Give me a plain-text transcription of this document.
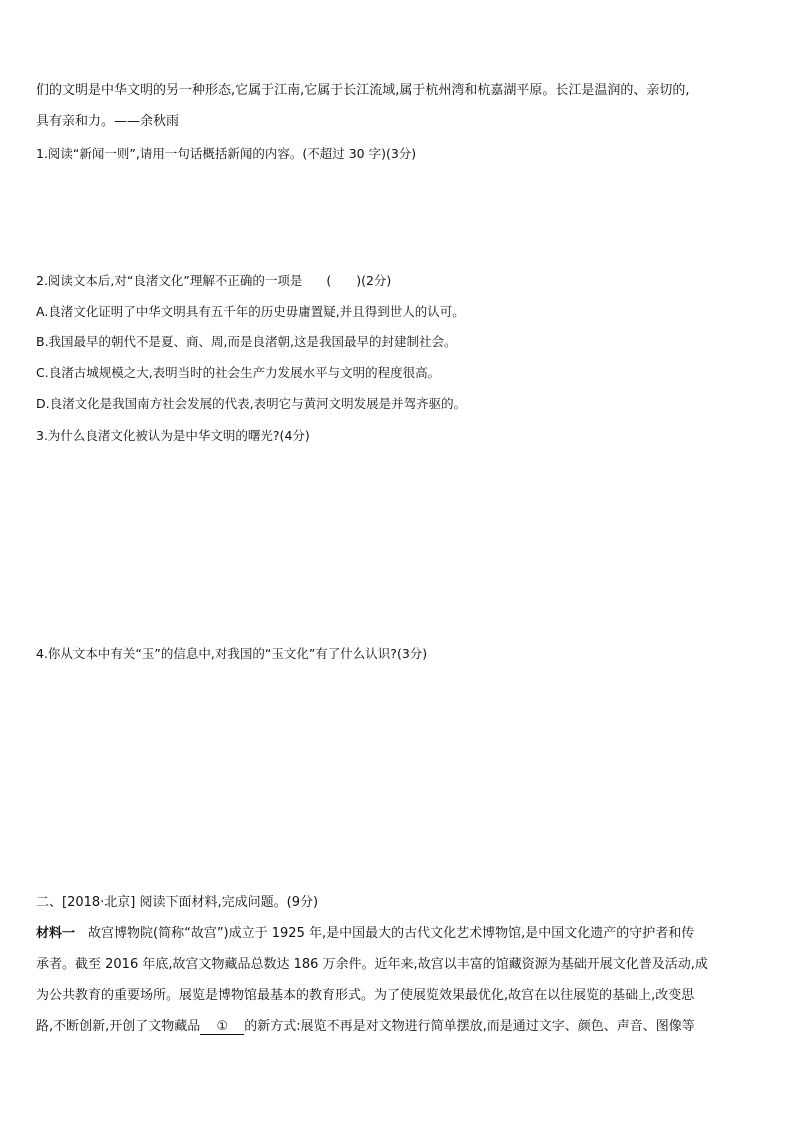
们的文明是中华文明的另一种形态,它属于江南,它属于长江流域,属于杭州湾和杭嘉湖平原。长江是温润的、亲切的,
具有亲和力。——余秋雨
1.阅读“新闻一则”,请用一句话概括新闻的内容。(不超过 30 字)(3分)
2.阅读文本后,对“良渚文化”理解不正确的一项是 (　　)(2分)
A.良渚文化证明了中华文明具有五千年的历史毋庸置疑,并且得到世人的认可。
B.我国最早的朝代不是夏、商、周,而是良渚朝,这是我国最早的封建制社会。
C.良渚古城规模之大,表明当时的社会生产力发展水平与文明的程度很高。
D.良渚文化是我国南方社会发展的代表,表明它与黄河文明发展是并驾齐驱的。
3.为什么良渚文化被认为是中华文明的曙光?(4分)
4.你从文本中有关“玉”的信息中,对我国的“玉文化”有了什么认识?(3分)
二、[2018·北京] 阅读下面材料,完成问题。(9分)
材料一　故宫博物院(简称“故宫”)成立于 1925 年,是中国最大的古代文化艺术博物馆,是中国文化遗产的守护者和传
承者。截至 2016 年底,故宫文物藏品总数达 186 万余件。近年来,故宫以丰富的馆藏资源为基础开展文化普及活动,成
为公共教育的重要场所。展览是博物馆最基本的教育形式。为了使展览效果最优化,故宫在以往展览的基础上,改变思
路,不断创新,开创了文物藏品 ① 的新方式:展览不再是对文物进行简单摆放,而是通过文字、颜色、声音、图像等
